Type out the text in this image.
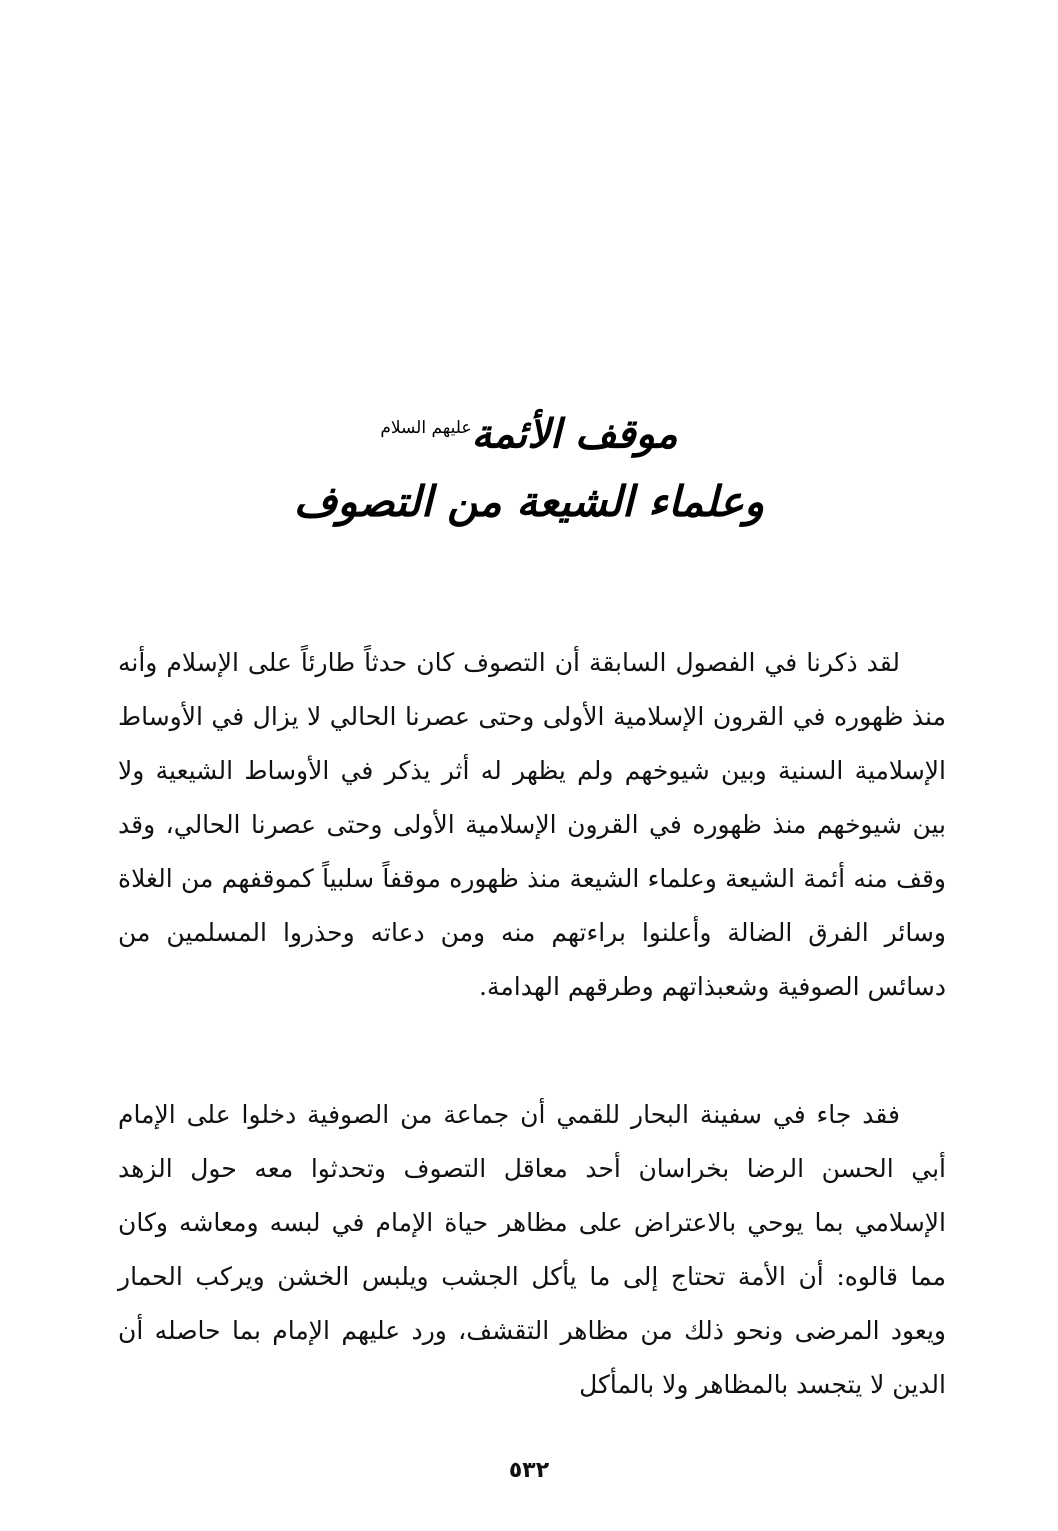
موقف الأئمة$^{عليهم السلام}$
وعلماء الشيعة من التصوف

لقد ذكرنا في الفصول السابقة أن التصوف كان حدثاً طارئاً على الإسلام وأنه منذ ظهوره في القرون الإسلامية الأولى وحتى عصرنا الحالي لا يزال في الأوساط الإسلامية السنية وبين شيوخهم ولم يظهر له أثر يذكر في الأوساط الشيعية ولا بين شيوخهم منذ ظهوره في القرون الإسلامية الأولى وحتى عصرنا الحالي، وقد وقف منه أئمة الشيعة وعلماء الشيعة منذ ظهوره موقفاً سلبياً كموقفهم من الغلاة وسائر الفرق الضالة وأعلنوا براءتهم منه ومن دعاته وحذروا المسلمين من دسائس الصوفية وشعبذاتهم وطرقهم الهدامة.

فقد جاء في سفينة البحار للقمي أن جماعة من الصوفية دخلوا على الإمام أبي الحسن الرضا بخراسان أحد معاقل التصوف وتحدثوا معه حول الزهد الإسلامي بما يوحي بالاعتراض على مظاهر حياة الإمام في لبسه ومعاشه وكان مما قالوه: أن الأمة تحتاج إلى ما يأكل الجشب ويلبس الخشن ويركب الحمار ويعود المرضى ونحو ذلك من مظاهر التقشف، ورد عليهم الإمام بما حاصله أن الدين لا يتجسد بالمظاهر ولا بالمأكل

٥٣٢
